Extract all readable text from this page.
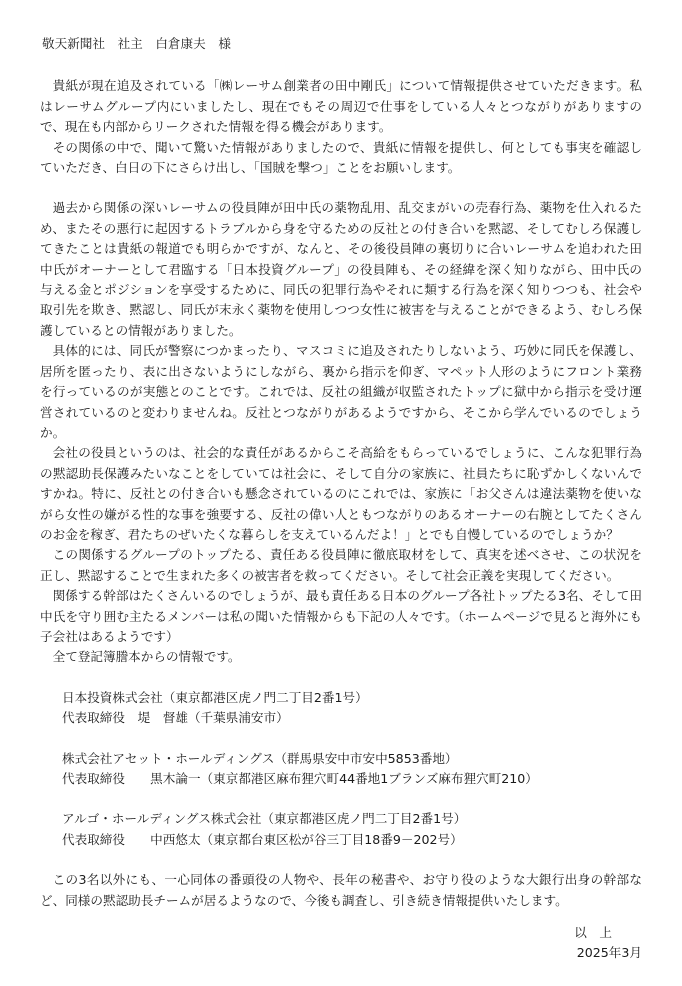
敬天新聞社　社主　白倉康夫　様

貴紙が現在追及されている「㈱レーサム創業者の田中剛氏」について情報提供させていただきます。私はレーサムグループ内にいましたし、現在でもその周辺で仕事をしている人々とつながりがありますので、現在も内部からリークされた情報を得る機会があります。

その関係の中で、聞いて驚いた情報がありましたので、貴紙に情報を提供し、何としても事実を確認していただき、白日の下にさらけ出し、「国賊を撃つ」ことをお願いします。

過去から関係の深いレーサムの役員陣が田中氏の薬物乱用、乱交まがいの売春行為、薬物を仕入れるため、またその悪行に起因するトラブルから身を守るための反社との付き合いを黙認、そしてむしろ保護してきたことは貴紙の報道でも明らかですが、なんと、その後役員陣の裏切りに合いレーサムを追われた田中氏がオーナーとして君臨する「日本投資グループ」の役員陣も、その経緯を深く知りながら、田中氏の与える金とポジションを享受するために、同氏の犯罪行為やそれに類する行為を深く知りつつも、社会や取引先を欺き、黙認し、同氏が末永く薬物を使用しつつ女性に被害を与えることができるよう、むしろ保護しているとの情報がありました。

具体的には、同氏が警察につかまったり、マスコミに追及されたりしないよう、巧妙に同氏を保護し、居所を匿ったり、表に出さないようにしながら、裏から指示を仰ぎ、マペット人形のようにフロント業務を行っているのが実態とのことです。これでは、反社の組織が収監されたトップに獄中から指示を受け運営されているのと変わりませんね。反社とつながりがあるようですから、そこから学んでいるのでしょうか。

会社の役員というのは、社会的な責任があるからこそ高給をもらっているでしょうに、こんな犯罪行為の黙認助長保護みたいなことをしていては社会に、そして自分の家族に、社員たちに恥ずかしくないんですかね。特に、反社との付き合いも懸念されているのにこれでは、家族に「お父さんは違法薬物を使いながら女性の嫌がる性的な事を強要する、反社の偉い人ともつながりのあるオーナーの右腕としてたくさんのお金を稼ぎ、君たちのぜいたくな暮らしを支えているんだよ！」とでも自慢しているのでしょうか？

この関係するグループのトップたる、責任ある役員陣に徹底取材をして、真実を述べさせ、この状況を正し、黙認することで生まれた多くの被害者を救ってください。そして社会正義を実現してください。

関係する幹部はたくさんいるのでしょうが、最も責任ある日本のグループ各社トップたる3名、そして田中氏を守り囲む主たるメンバーは私の聞いた情報からも下記の人々です。（ホームページで見ると海外にも子会社はあるようです）

全て登記簿謄本からの情報です。

日本投資株式会社（東京都港区虎ノ門二丁目2番1号）
代表取締役　堤　督雄（千葉県浦安市）
株式会社アセット・ホールディングス（群馬県安中市安中5853番地）
代表取締役　　黒木論一（東京都港区麻布狸穴町44番地1ブランズ麻布狸穴町210）
アルゴ・ホールディングス株式会社（東京都港区虎ノ門二丁目2番1号）
代表取締役　　中西悠太（東京都台東区松が谷三丁目18番9－202号）

この3名以外にも、一心同体の番頭役の人物や、長年の秘書や、お守り役のような大銀行出身の幹部など、同様の黙認助長チームが居るようなので、今後も調査し、引き続き情報提供いたします。

以　上

2025年3月
